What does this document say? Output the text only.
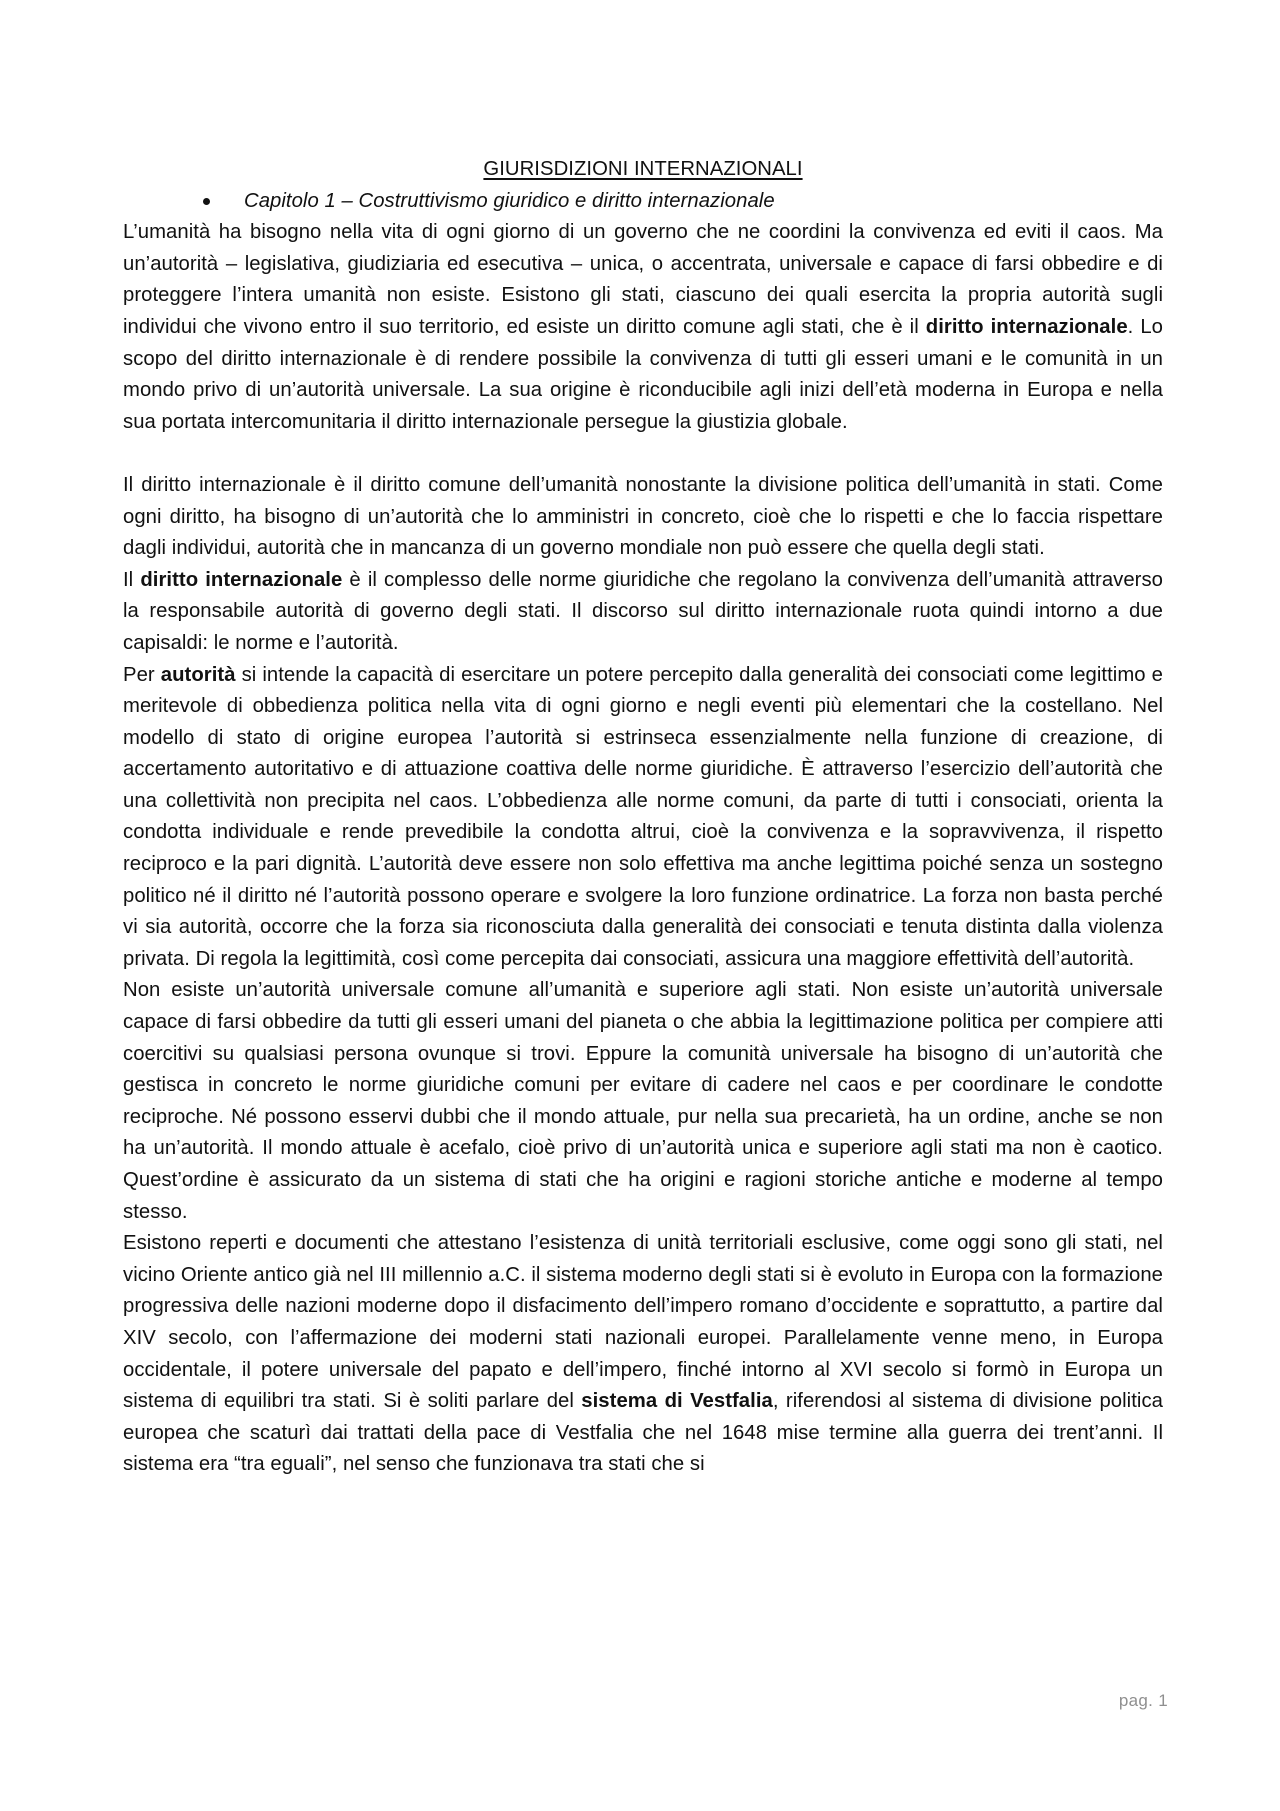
GIURISDIZIONI INTERNAZIONALI

Capitolo 1 – Costruttivismo giuridico e diritto internazionale

L’umanità ha bisogno nella vita di ogni giorno di un governo che ne coordini la convivenza ed eviti il caos. Ma un’autorità – legislativa, giudiziaria ed esecutiva – unica, o accentrata, universale e capace di farsi obbedire e di proteggere l’intera umanità non esiste. Esistono gli stati, ciascuno dei quali esercita la propria autorità sugli individui che vivono entro il suo territorio, ed esiste un diritto comune agli stati, che è il diritto internazionale. Lo scopo del diritto internazionale è di rendere possibile la convivenza di tutti gli esseri umani e le comunità in un mondo privo di un’autorità universale. La sua origine è riconducibile agli inizi dell’età moderna in Europa e nella sua portata intercomunitaria il diritto internazionale persegue la giustizia globale.

Il diritto internazionale è il diritto comune dell’umanità nonostante la divisione politica dell’umanità in stati. Come ogni diritto, ha bisogno di un’autorità che lo amministri in concreto, cioè che lo rispetti e che lo faccia rispettare dagli individui, autorità che in mancanza di un governo mondiale non può essere che quella degli stati.

Il diritto internazionale è il complesso delle norme giuridiche che regolano la convivenza dell’umanità attraverso la responsabile autorità di governo degli stati. Il discorso sul diritto internazionale ruota quindi intorno a due capisaldi: le norme e l’autorità.

Per autorità si intende la capacità di esercitare un potere percepito dalla generalità dei consociati come legittimo e meritevole di obbedienza politica nella vita di ogni giorno e negli eventi più elementari che la costellano. Nel modello di stato di origine europea l’autorità si estrinseca essenzialmente nella funzione di creazione, di accertamento autoritativo e di attuazione coattiva delle norme giuridiche. È attraverso l’esercizio dell’autorità che una collettività non precipita nel caos. L’obbedienza alle norme comuni, da parte di tutti i consociati, orienta la condotta individuale e rende prevedibile la condotta altrui, cioè la convivenza e la sopravvivenza, il rispetto reciproco e la pari dignità. L’autorità deve essere non solo effettiva ma anche legittima poiché senza un sostegno politico né il diritto né l’autorità possono operare e svolgere la loro funzione ordinatrice. La forza non basta perché vi sia autorità, occorre che la forza sia riconosciuta dalla generalità dei consociati e tenuta distinta dalla violenza privata. Di regola la legittimità, così come percepita dai consociati, assicura una maggiore effettività dell’autorità.

Non esiste un’autorità universale comune all’umanità e superiore agli stati. Non esiste un’autorità universale capace di farsi obbedire da tutti gli esseri umani del pianeta o che abbia la legittimazione politica per compiere atti coercitivi su qualsiasi persona ovunque si trovi. Eppure la comunità universale ha bisogno di un’autorità che gestisca in concreto le norme giuridiche comuni per evitare di cadere nel caos e per coordinare le condotte reciproche. Né possono esservi dubbi che il mondo attuale, pur nella sua precarietà, ha un ordine, anche se non ha un’autorità. Il mondo attuale è acefalo, cioè privo di un’autorità unica e superiore agli stati ma non è caotico. Quest’ordine è assicurato da un sistema di stati che ha origini e ragioni storiche antiche e moderne al tempo stesso.

Esistono reperti e documenti che attestano l’esistenza di unità territoriali esclusive, come oggi sono gli stati, nel vicino Oriente antico già nel III millennio a.C. il sistema moderno degli stati si è evoluto in Europa con la formazione progressiva delle nazioni moderne dopo il disfacimento dell’impero romano d’occidente e soprattutto, a partire dal XIV secolo, con l’affermazione dei moderni stati nazionali europei. Parallelamente venne meno, in Europa occidentale, il potere universale del papato e dell’impero, finché intorno al XVI secolo si formò in Europa un sistema di equilibri tra stati. Si è soliti parlare del sistema di Vestfalia, riferendosi al sistema di divisione politica europea che scaturì dai trattati della pace di Vestfalia che nel 1648 mise termine alla guerra dei trent’anni. Il sistema era “tra eguali”, nel senso che funzionava tra stati che si

pag. 1
